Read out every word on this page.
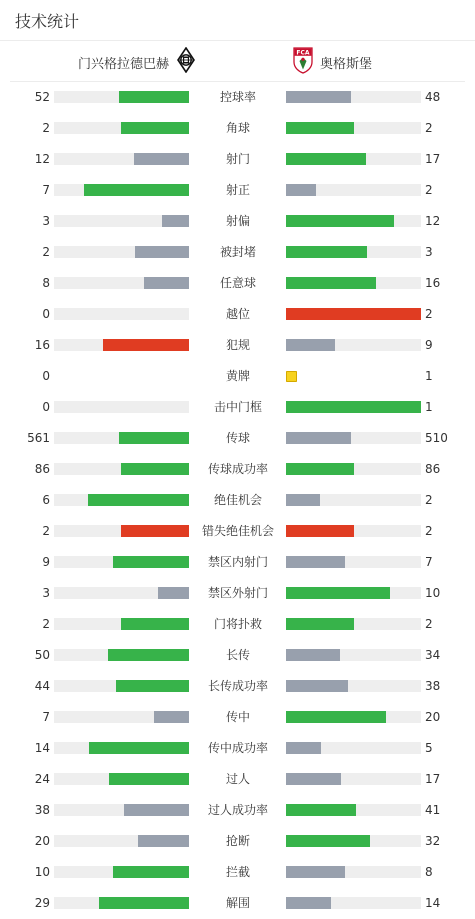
技术统计
门兴格拉德巴赫
FCA
奥格斯堡
52	控球率	48
2	角球	2
12	射门	17
7	射正	2
3	射偏	12
2	被封堵	3
8	任意球	16
0	越位	2
16	犯规	9
0	黄牌	1
0	击中门框	1
561	传球	510
86	传球成功率	86
6	绝佳机会	2
2	错失绝佳机会	2
9	禁区内射门	7
3	禁区外射门	10
2	门将扑救	2
50	长传	34
44	长传成功率	38
7	传中	20
14	传中成功率	5
24	过人	17
38	过人成功率	41
20	抢断	32
10	拦截	8
29	解围	14
